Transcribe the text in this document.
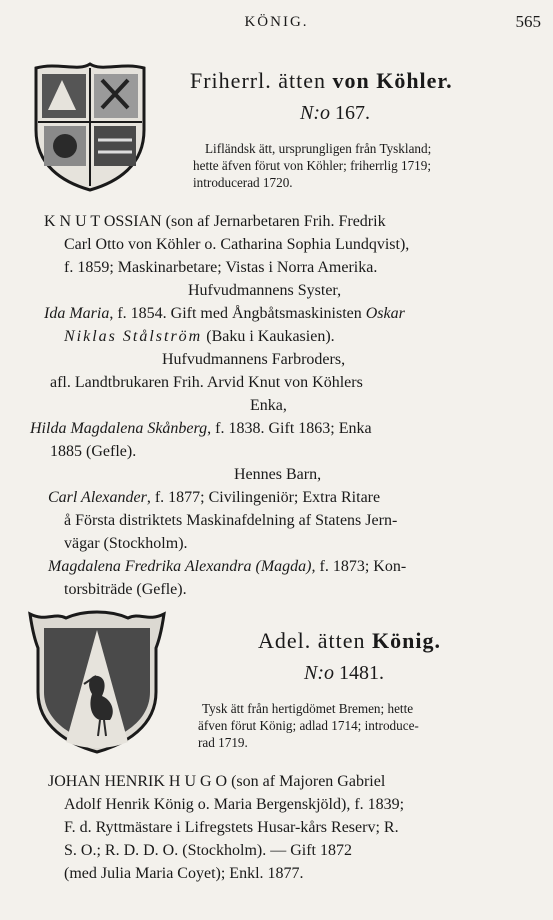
KÖNIG.	565
Friherrl. ätten von Köhler.
N:o 167.
Lifländsk ätt, ursprungligen från Tyskland;
hette äfven förut von Köhler; friherrlig 1719;
introducerad 1720.
K N U T OSSIAN (son af Jernarbetaren Frih. Fredrik
Carl Otto von Köhler o. Catharina Sophia Lundqvist),
f. 1859; Maskinarbetare; Vistas i Norra Amerika.
Hufvudmannens Syster,
Ida Maria, f. 1854. Gift med Ångbåtsmaskinisten Oskar
Niklas Stålström (Baku i Kaukasien).
Hufvudmannens Farbroders,
afl. Landtbrukaren Frih. Arvid Knut von Köhlers
Enka,
Hilda Magdalena Skånberg, f. 1838. Gift 1863; Enka
1885 (Gefle).
Hennes Barn,
Carl Alexander, f. 1877; Civilingeniör; Extra Ritare
å Första distriktets Maskinafdelning af Statens Jern-
vägar (Stockholm).
Magdalena Fredrika Alexandra (Magda), f. 1873; Kon-
torsbiträde (Gefle).
Adel. ätten König.
N:o 1481.
Tysk ätt från hertigdömet Bremen; hette
äfven förut König; adlad 1714; introduce-
rad 1719.
JOHAN HENRIK H U G O (son af Majoren Gabriel
Adolf Henrik König o. Maria Bergenskjöld), f. 1839;
F. d. Ryttmästare i Lifregstets Husar-kårs Reserv; R.
S. O.; R. D. D. O. (Stockholm). — Gift 1872
(med Julia Maria Coyet); Enkl. 1877.
